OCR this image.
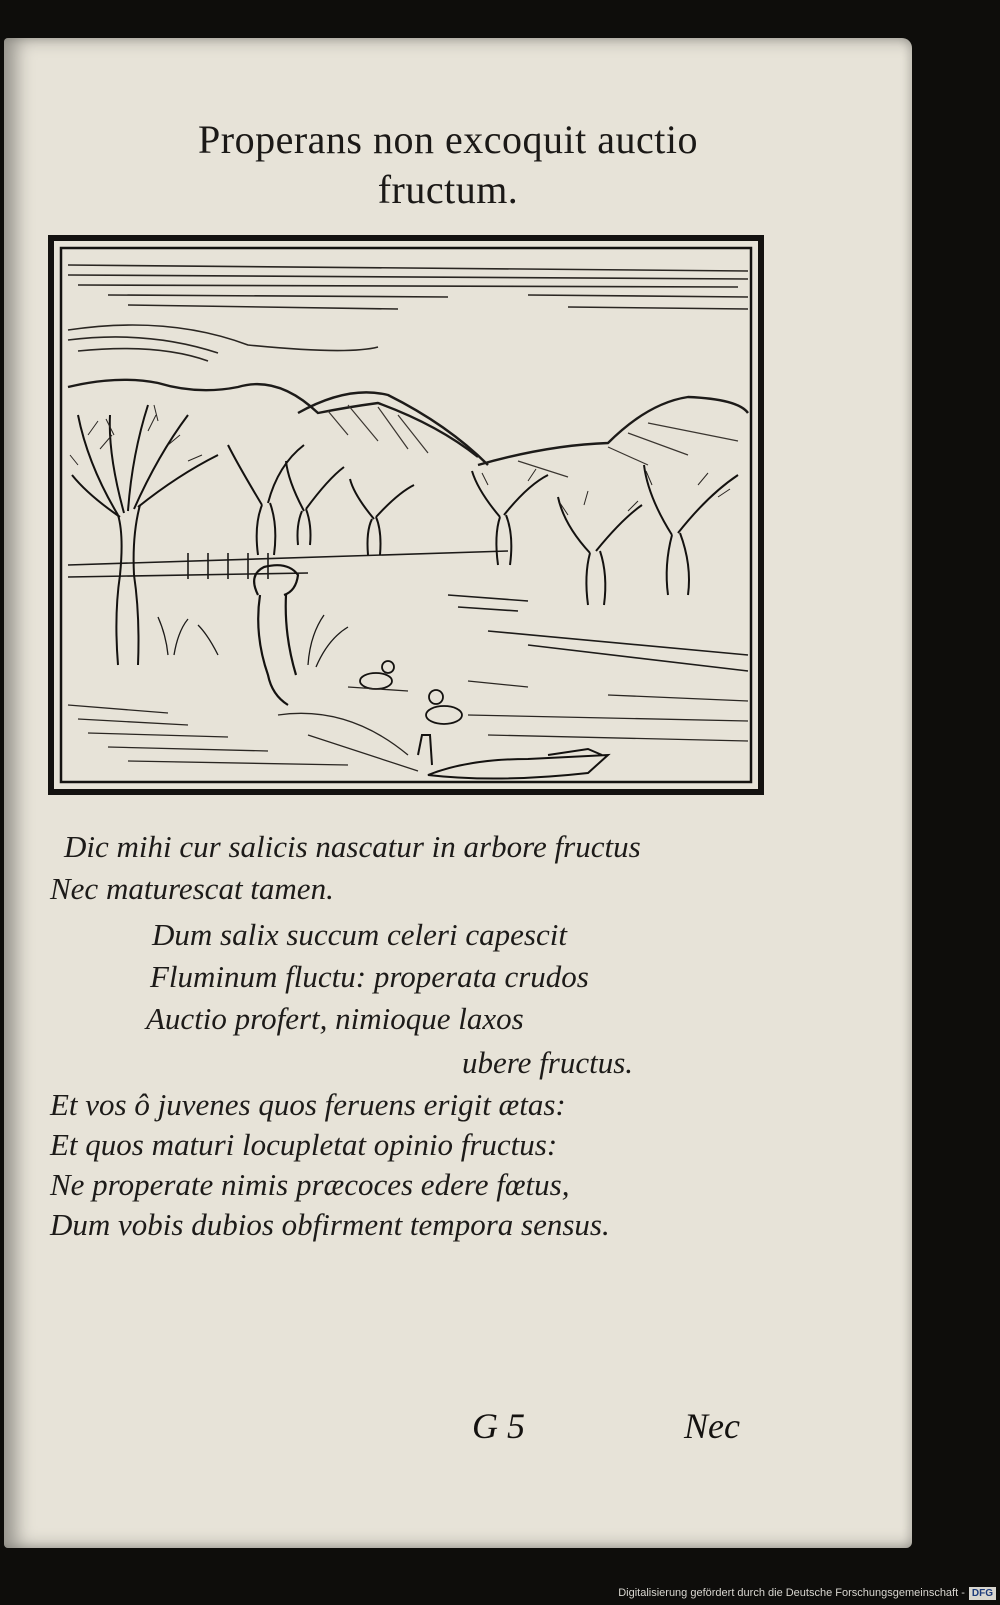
Properans non excoquit auctio
fructum.
Dic mihi cur salicis nascatur in arbore fructus
Nec maturescat tamen.
Dum salix succum celeri capescit
Fluminum fluctu: properata crudos
Auctio profert, nimioque laxos
ubere fructus.
Et vos ô juvenes quos feruens erigit ætas:
Et quos maturi locupletat opinio fructus:
Ne properate nimis præcoces edere fœtus,
Dum vobis dubios obfirment tempora sensus.
G 5	Nec
Digitalisierung gefördert durch die Deutsche Forschungsgemeinschaft - DFG
